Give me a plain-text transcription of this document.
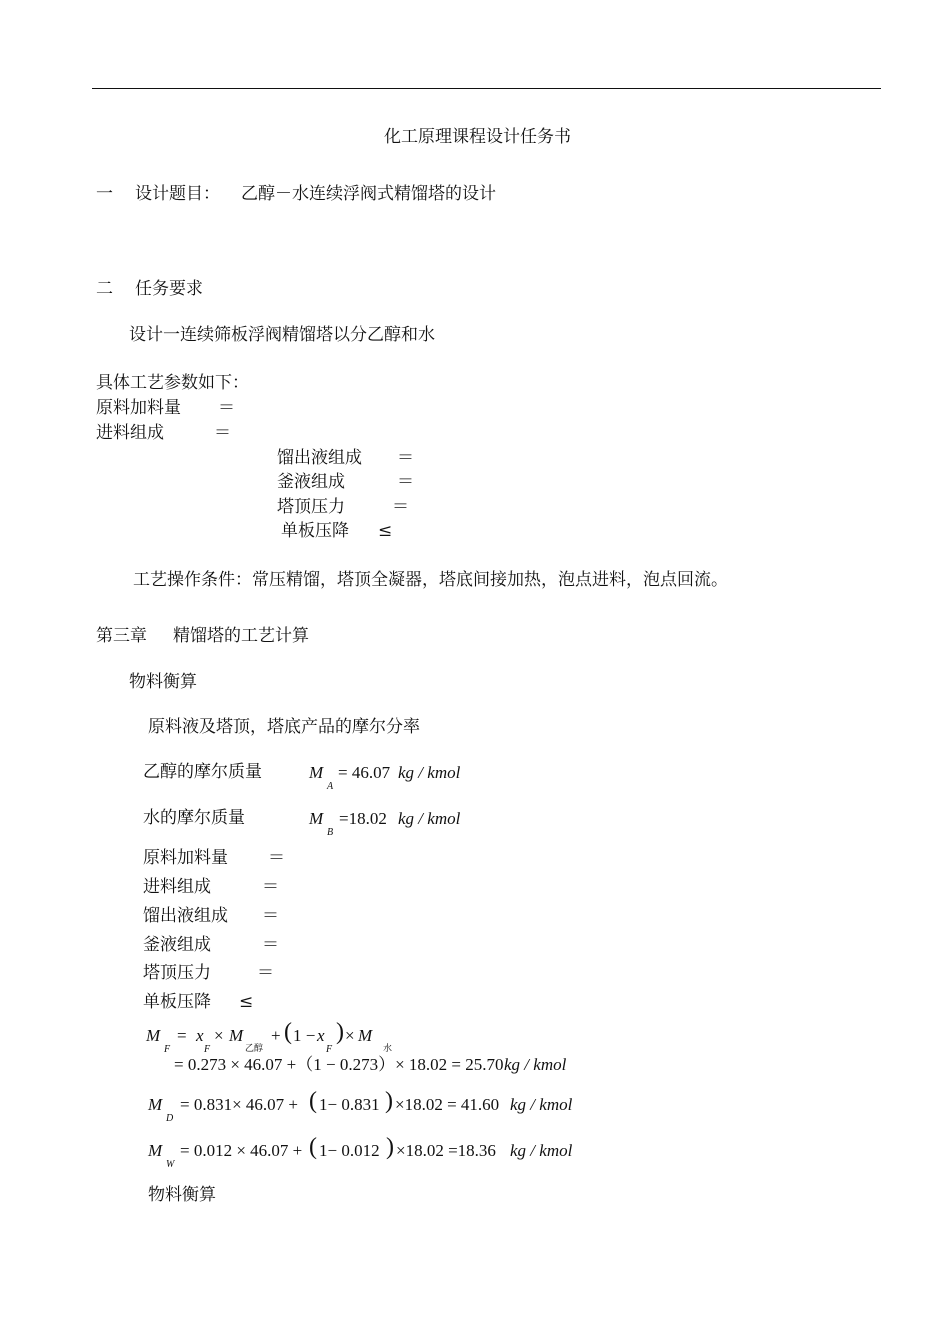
化工原理课程设计任务书
一 设计题目： 乙醇－水连续浮阀式精馏塔的设计
二 任务要求
设计一连续筛板浮阀精馏塔以分乙醇和水
具体工艺参数如下：
原料加料量 ＝
进料组成	＝
馏出液组成 ＝
釜液组成	＝
塔顶压力	＝
单板压降 ≤
工艺操作条件：常压精馏，塔顶全凝器，塔底间接加热，泡点进料，泡点回流。
第三章 精馏塔的工艺计算
物料衡算
原料液及塔顶，塔底产品的摩尔分率
乙醇的摩尔质量	M
A
= 46.07 kg / kmol
水的摩尔质量	M
B
=18.02 kg / kmol
原料加料量 ＝
进料组成	＝
馏出液组成 ＝
釜液组成	＝
塔顶压力	＝
单板压降 ≤
M
F
= x
F
× M
乙醇
+ ( 1 − x
F
) × M
水
= 0.273 × 46.07 +（1 − 0.273）× 18.02 = 25.70 kg / kmol
M
D
= 0.831× 46.07 + ( 1− 0.831 ) ×18.02 = 41.60 kg / kmol
M
W
= 0.012 × 46.07 + ( 1− 0.012 ) ×18.02 =18.36 kg / kmol
物料衡算
